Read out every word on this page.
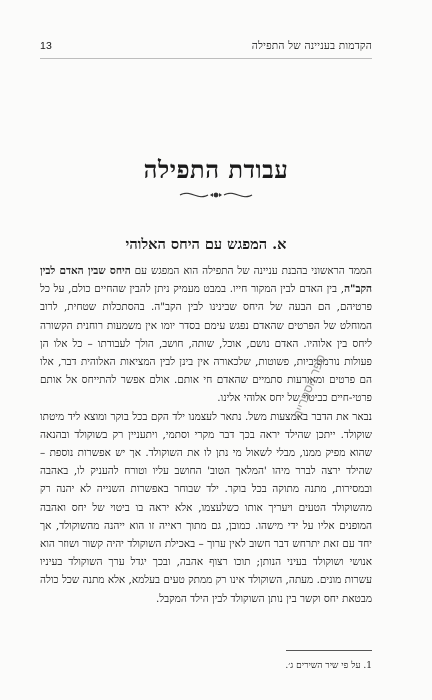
הקדמות בעניינה של התפילה
13
עבודת התפילה
א. המפגש עם היחס האלוהי

הממד הראשוני בהבנת עניינה של התפילה הוא המפגש עם היחס שבין האדם לבין הקב"ה, בין האדם לבין המקור חייו. במבט מעמיק ניתן להבין שהחיים כולם, על כל פרטיהם, הם הבעה של היחס שבינינו לבין הקב"ה. בהסתכלות שטחית, לרוב המוחלט של הפרטים שהאדם נפגש עימם בסדר יומו אין משמעות רוחנית הקשורה ליחס בין אלוהיו. האדם נושם, אוכל, שותה, חושב, הולך לעבודתו – כל אלו הן פעולות נורמטיביות, פשוטות, שלכאורה אין בינן לבין המציאות האלוהית דבר, אלו הם פרטים ומאורעות סתמיים שהאדם חי אותם. אולם אפשר להתייחס אל אותם פרטי-חיים כביטוי של יחס אלוהי אלינו.

נבאר את הדבר באמצעות משל. נתאר לעצמנו ילד הקם בכל בוקר ומוצא ליד מיטתו שוקולד. ייתכן שהילד יראה בכך דבר מקרי וסתמי, ויתעניין רק בשוקולד ובהנאה שהוא מפיק ממנו, מבלי לשאול מי נתן לו את השוקולד. אך יש אפשרות נוספת – שהילד ירצה לברר מיהו 'המלאך הטוב' החושב עליו וטורח להעניק לו, באהבה ובמסירות, מתנה מתוקה בכל בוקר. ילד שבוחר באפשרות השנייה לא יהנה רק מהשוקולד הטעים ויעריך אותו כשלעצמו, אלא יראה בו ביטוי של יחס ואהבה המופנים אליו על ידי מישהו. כמובן, גם מתוך ראייה זו הוא ייהנה מהשוקולד, אך יחד עם זאת יתרחש דבר חשוב לאין ערוך – באכילת השוקולד יהיה קשור ושוזר הוא אנושי ושוקולד בעיני הנותן; תוכו רצוף אהבה, ובכך יגדל ערך השוקולד בעיניו עשרות מונים. מעתה, השוקולד אינו רק ממתק טעים בעלמא, אלא מתנה שכל כולה מבטאת יחס וקשר בין נותן השוקולד לבין הילד המקבל.

ספר הספרייה
1. על פי שיר השירים ג׳.
